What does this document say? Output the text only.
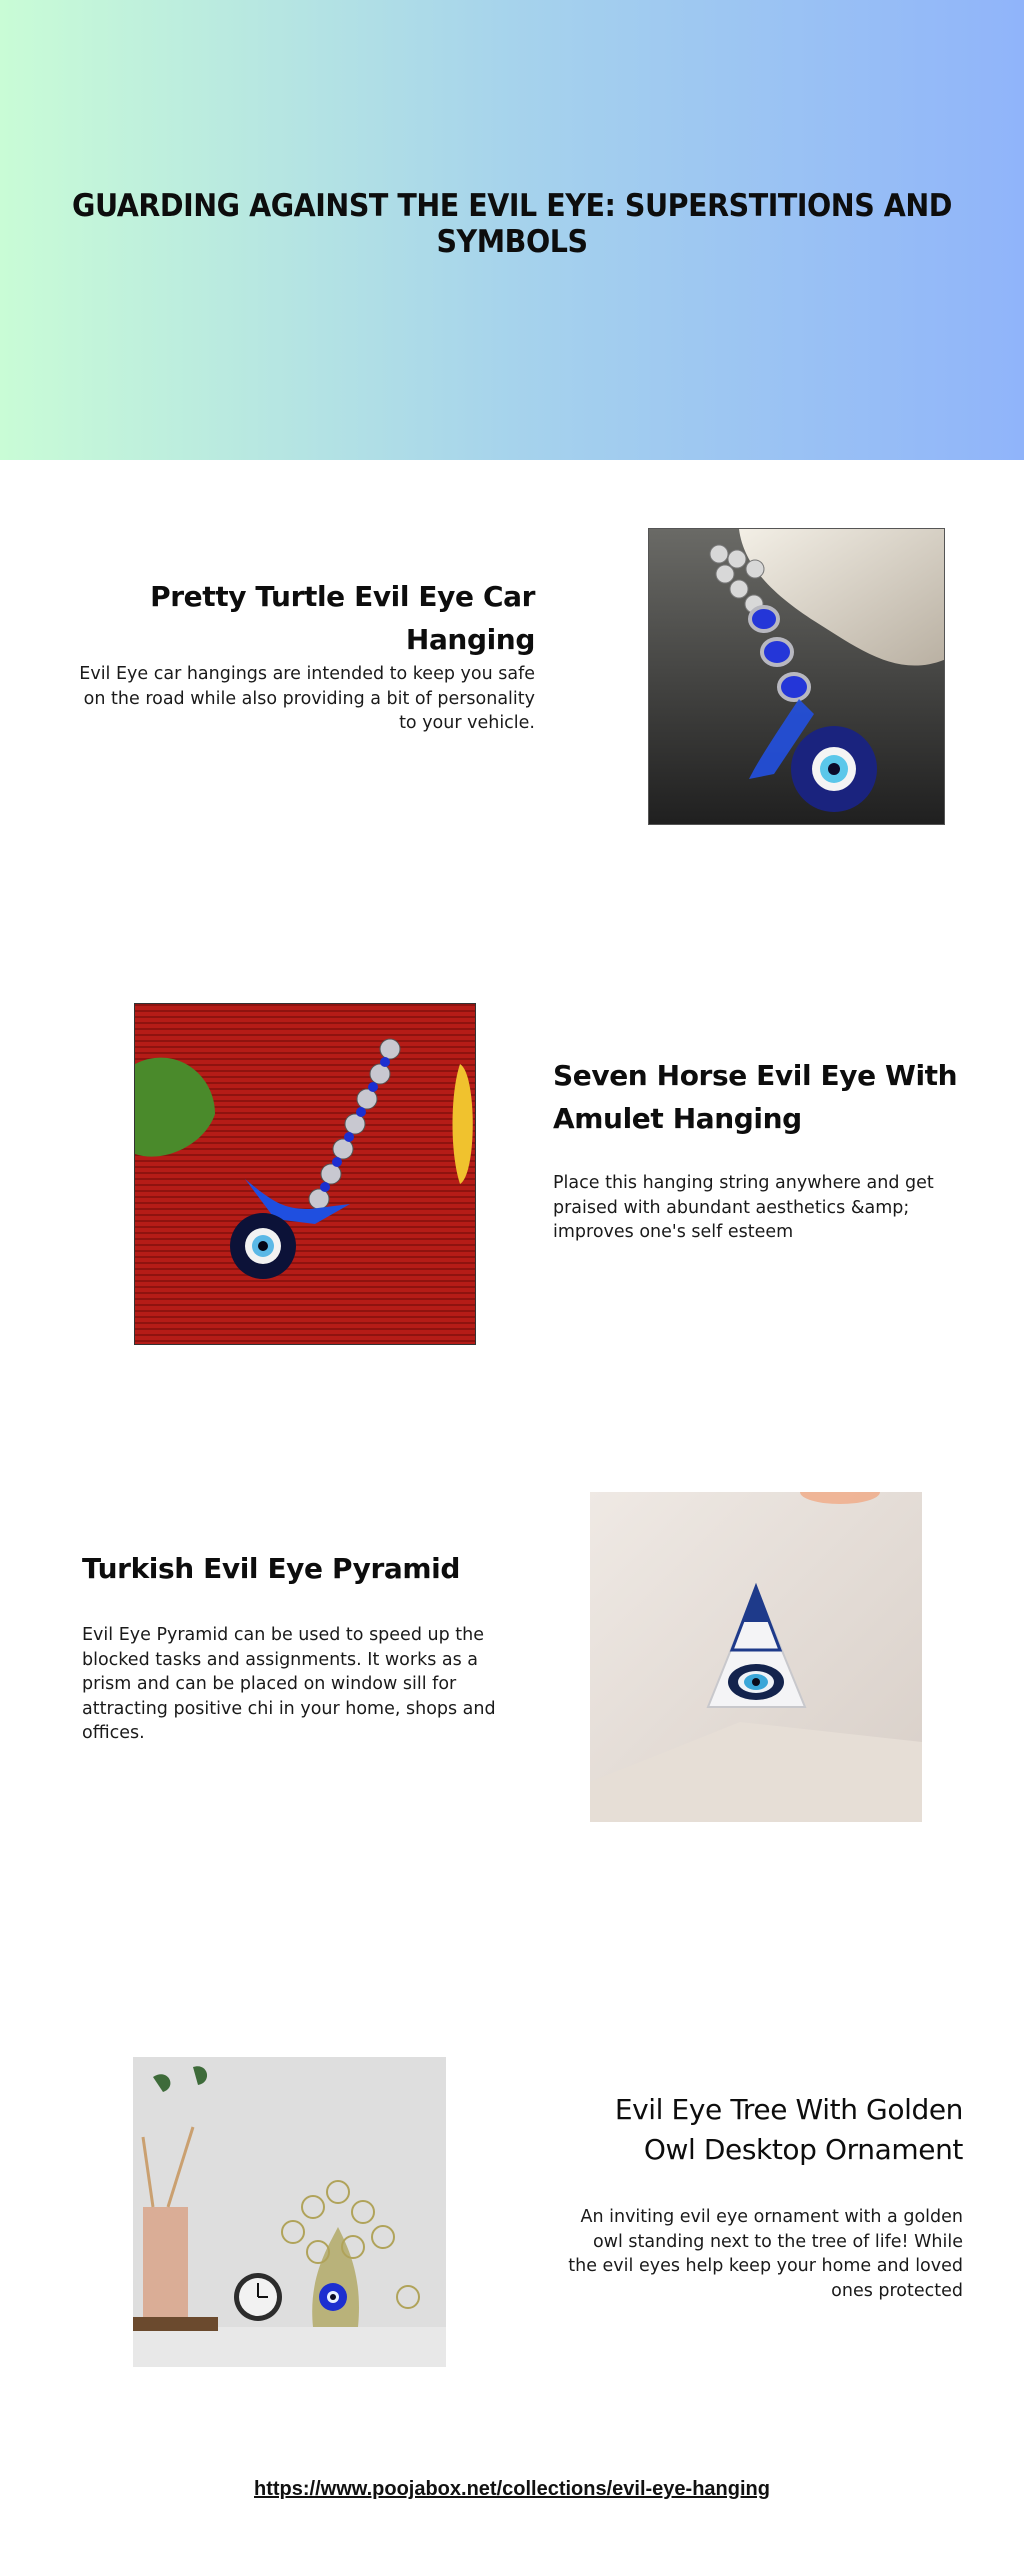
GUARDING AGAINST THE EVIL EYE: SUPERSTITIONS AND SYMBOLS
Pretty Turtle Evil Eye Car Hanging

Evil Eye car hangings are intended to keep you safe on the road while also providing a bit of personality to your vehicle.

Seven Horse Evil Eye With Amulet Hanging

Place this hanging string anywhere and get praised with abundant aesthetics &amp; improves one's self esteem

Turkish Evil Eye Pyramid

Evil Eye Pyramid can be used to speed up the blocked tasks and assignments. It works as a prism and can be placed on window sill for attracting positive chi in your home, shops and offices.

Evil Eye Tree With Golden Owl Desktop Ornament

An inviting evil eye ornament with a golden owl standing next to the tree of life! While the evil eyes help keep your home and loved ones protected

https://www.poojabox.net/collections/evil-eye-hanging
